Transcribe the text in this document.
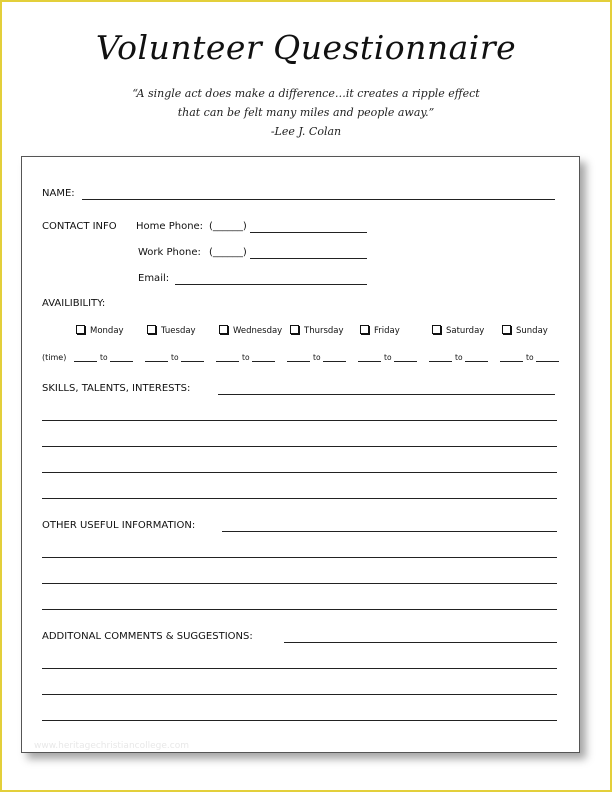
Volunteer Questionnaire
“A single act does make a difference…it creates a ripple effect
that can be felt many miles and people away.”
-Lee J. Colan
NAME:
CONTACT INFO Home Phone: (______)
Work Phone: (______)
Email:
AVAILIBILITY:
Monday	Tuesday	Wednesday	Thursday	Friday	Saturday	Sunday
(time)	to	to	to	to	to	to	to
SKILLS, TALENTS, INTERESTS:
OTHER USEFUL INFORMATION:
ADDITONAL COMMENTS & SUGGESTIONS:
www.heritagechristiancollege.com
